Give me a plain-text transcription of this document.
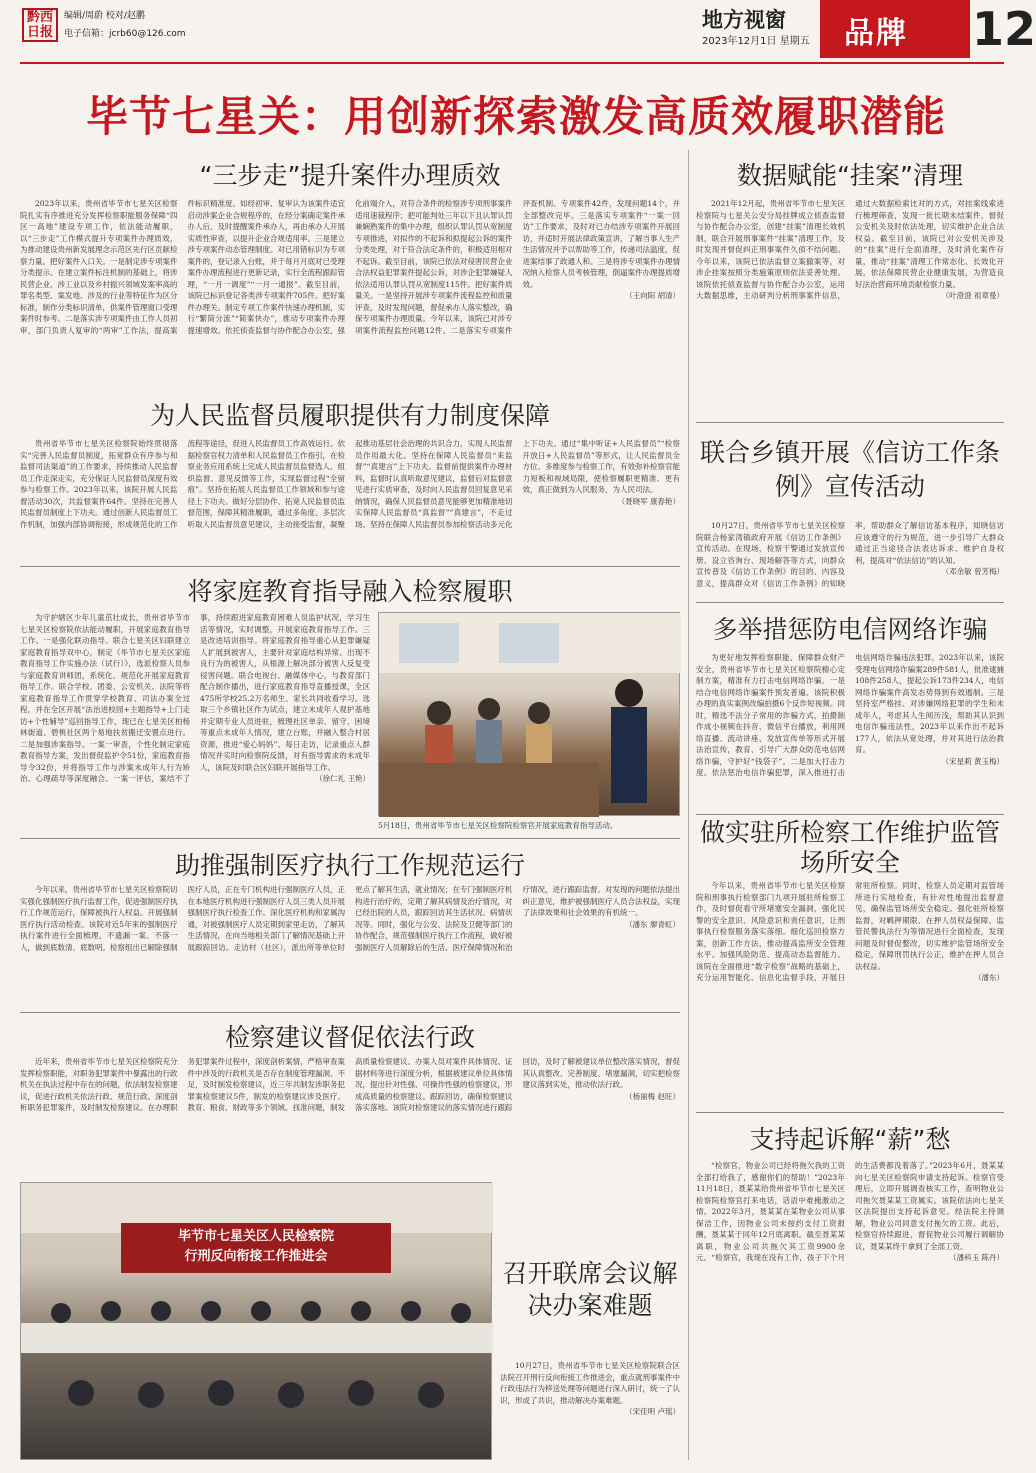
黔西日报
编辑/周蔚 校对/赵鹏
电子信箱：jcrb60@126.com
地方视窗
2023年12月1日 星期五 品牌 12
毕节七星关：用创新探索激发高质效履职潜能
“三步走”提升案件办理质效

2023年以来，贵州省毕节市七星关区检察院扎实有序推进充分发挥检察职能服务保障“四区一高地”建设专项工作，依法能动履职，以“三步走”工作模式提升专项案件办理质效，为推动建设贵州新发展理念示范区先行区贡献检察力量。把好案件入口关。一是制定涉专项案件分类提示。在建立案件标注机制的基础上，将涉民营企业、涉工业以及乡村振兴领域发案率高的罪名类型、案发地、涉及的行业等特征作为区分标准，制作分类标识清单，供案件管理窗口受理案件时参考。二是落实涉专项案件由工作人员初审，部门负责人复审的“两审”工作法，提高案件标识精准度。如经初审、复审认为该案件适宜启动涉案企业合规程序的，在经分案确定案件承办人后，及时提醒案件承办人，再由承办人开展实质性审查，以提升企业合规适用率。三是建立涉专项案件动态管理制度。对已用错标识为专项案件的，登记录入台账，并于每月月底对已受理案件办理流程进行更新记录，实行全流程跟踪管理，“一月一调度”“一月一通报”。截至目前，该院已标识登记各类涉专项案件705件。把好案件办理关。制定专项工作案件快速办理机制，实行“繁简分流”“简案快办”，推动专项案件办理提速增效。依托侦查监督与协作配合办公室，强化前端介入，对符合条件的检察涉专项刑事案件适用速裁程序；把可能判处三年以下且认罪认罚兼娴熟案件的集中办理，组织认罪认罚从宽制度专项推进，对拟作的不起诉和拟提起公诉的案件分类处理，对于符合法定条件的，积极适用相对不起诉。截至目前，该院已依法对侵害民营企业合法权益犯罪案件提起公诉，对涉企犯罪嫌疑人依法适用认罪认罚从宽制度115件。把好案件质量关。一是坚持开展涉专项案件流程监控和质量评查，及时发现问题，督促承办人落实整改，确保专项案件办理质量。今年以来，该院已对涉专项案件流程监控问题12件。二是落实专项案件评查机制。专项案件42件，发现问题14个，并全部整改完毕。三是落实专项案件“一案一回访”工作要求，及时对已办结涉专项案件开展回访，并适时开展法律政策宣讲，了解当事人生产生活情况并予以帮助等工作，传递司法温度，促进案结事了政通人和。三是将涉专项案件办理情况纳入检察人员考核管理，倒逼案件办理提质增效。

（王向阳 胡清）
数据赋能“挂案”清理

2021年12月起，贵州省毕节市七星关区检察院与七星关公安分局挂牌成立侦查监督与协作配合办公室，创建“挂案”清理长效机制，联合开展刑事案件“挂案”清理工作，及时发现并督促纠正刑事案件久侦不结问题。今年以来，该院已依法监督立案撤案等，对涉企挂案按照分类施策原则依法妥善处理。该院依托侦查监督与协作配合办公室，运用大数据思维，主动研判分析刑事案件信息，通过大数据检索比对的方式，对挂案线索进行梳理筛查，发现一批长期未结案件，督促公安机关及时依法处理，切实维护企业合法权益。截至目前，该院已对公安机关涉及的“挂案”进行全面清理，及时消化案件存量，推动“挂案”清理工作常态化、长效化开展，依法保障民营企业健康发展，为营造良好法治营商环境贡献检察力量。

（叶澄澄 祖章曼）
为人民监督员履职提供有力制度保障

贵州省毕节市七星关区检察院始终贯彻落实“完善人民监督员制度，拓宽群众有序参与和监督司法渠道”的工作要求，持续推动人民监督员工作走深走实，充分保证人民监督员深度有效参与检察工作。2023年以来，该院开展人民监督活动30次，共监督案件64件。坚持在完善人民监督员制度上下功夫。通过创新人民监督员工作机制，加强内部协调衔接，形成规范化的工作流程等途径，促进人民监督员工作高效运行。依据检察官权力清单和人民监督员工作指引，在检察业务应用系统上完成人民监督员监督选人、组织监督、意见反馈等工作，实现监督过程“全留痕”。坚持在拓展人民监督员工作领域和参与途径上下功夫。做好分层协作、拓宽人民监督员监督范围，保障其精准履职，通过多角度、多层次听取人民监督员意见建议，主动接受监督，凝聚起推动基层社会治理的共识合力，实现人民监督员作用最大化。坚持在保障人民监督员“来监督”“真建言”上下功夫。监督前提供案件办理材料，监督时认真听取意见建议，监督后对监督意见进行实质审查，及时向人民监督员回复意见采纳情况，确保人民监督员意见能够更加精准地切实保障人民监督员“真监督”“真建言”，不走过场。坚持在保障人民监督员参加检察活动多元化上下功夫。通过“集中听证+人民监督员”“检察开放日+人民监督员”等形式，让人民监督员全方位、多维度参与检察工作，有效弥补检察官能力短板和视域局限，使检察履职更精准、更有效，真正做到为人民服务，为人民司法。

（聂晓军 康春艳）
联合乡镇开展《信访工作条例》宣传活动

10月27日，贵州省毕节市七星关区检察院联合杨家湾镇政府开展《信访工作条例》宣传活动。在现场，检察干警通过发放宣传册、设立咨询台、现场解答等方式，向群众宣传普及《信访工作条例》的目的、内容及意义，提高群众对《信访工作条例》的知晓率，帮助群众了解信访基本程序，知晓信访应该遵守的行为规范，进一步引导广大群众通过正当途径合法表达诉求、维护自身权利，提高对“依法信访”的认知。

（邓余敏 曾芳梅）
将家庭教育指导融入检察履职

为守护辖区少年儿童茁壮成长，贵州省毕节市七星关区检察院依法能动履职，开展家庭教育指导工作。一是强化联动指导。联合七星关区妇联建立家庭教育指导双中心，制定《毕节市七星关区家庭教育指导工作实施办法（试行）》，选派检察人员参与家庭教育讲师团，系统化、规范化开展家庭教育指导工作。联合学校、团委、公安机关、法院等将家庭教育指导工作贯穿学校教育、司法办案全过程，并在全区开展“法治进校园+主题指导+上门走访+个性辅导”巡回指导工作，现已在七星关区柏杨林街道、碧桃社区两个易地扶贫搬迁安置点进行。二是加强涉案指导。一案一审查，个性化制定家庭教育指导方案，发出督促监护令51份，家庭教育指导令32份，并将指导工作与涉案未成年人行为矫治、心理疏导等深度融合。一案一评估，案结不了事，持续跟进家庭教育困难人员监护状况，学习生活等情况，实时调整，开展家庭教育指导工作。三是改进培训指导。将家庭教育指导重心从犯罪嫌疑人扩展到被害人，主要针对家庭结构异常、出现不良行为的被害人，从根源上解决部分被害人反复受侵害问题。联合电视台、融媒体中心，与教育部门配合制作播出，进行家庭教育指导直播授课，全区475所学校25.2万名师生、家长共同收看学习。选取三个乡镇社区作为试点，建立未成年人观护基地并定期专业人员进驻，梳理社区单亲、留守、困境等重点未成年人情况，建立台账，并融入整合村居资源，推进“爱心妈妈”、每日走访，记录重点人群情况并实时向检察院反馈，对有指导需求的未成年人，该院及时联合区妇联开展指导工作。

（徐仁礼 王艳）
5月18日，贵州省毕节市七星关区检察院检察官开展家庭教育指导活动。
多举措惩防电信网络诈骗

为更好地发挥检察职能、保障群众财产安全，贵州省毕节市七星关区检察院精心定制方案，精准有力打击电信网络诈骗。一是结合电信网络诈骗案件预发普遍、该院积极办理的真实案例改编拍摄6个反诈短视频。同时，精选不法分子常用的诈骗方式，拍摄制作成小视频在抖音、微信平台播放，利用网络直播、流动讲座、发放宣传单等形式开展法治宣传，教育、引导广大群众防范电信网络诈骗，守护好“钱袋子”。二是加大打击力度。依法惩治电信诈骗犯罪，深入推进打击电信网络诈骗违法犯罪。2023年以来，该院受理电信网络诈骗案289件581人，批准逮捕108件258人，提起公诉173件234人，电信网络诈骗案件高发态势得到有效遏制。三是坚持室严格挂、对涉嫌网络犯罪的学生和未成年人，考虑其人生阅历浅，帮助其认识到电信诈骗违法性，2023年以来作出不起诉177人，依法从宽处理，并对其进行法治教育。

（宋星莉 黄玉梅）
助推强制医疗执行工作规范运行

今年以来，贵州省毕节市七星关区检察院切实强化强制医疗执行监督工作，促进强制医疗执行工作规范运行，保障被执行人权益。开展强制医疗执行活动检查。该院对近5年来的强制医疗执行案件进行全面梳理，不遗漏一案、不落一人，做到底数清、底数明。检察组出已解除强制医疗人员，正在专门机构进行强制医疗人员，正在本地医疗机构进行强制医疗人员三类人员开展强制医疗执行检查工作。深化医疗机构和家属沟通，对被强制医疗人员定期到家里走访，了解其生活情况，在向当地相关部门了解情况基础上开展跟踪回访。走访村（社区），派出所等单位时更点了解其生活，就业情况；在专门强制医疗机构进行治疗的，定期了解其病情及治疗情况，对已经出院的人员，跟踪回访其生活状况、病情状况等。同时，强化与公安、法院及卫健等部门的协作配合，规范强制医疗执行工作流程，做好被强制医疗人员解除后的生活、医疗保障情况和治疗情况，进行跟踪监督。对发现的问题依法提出纠正意见，维护被强制医疗人员合法权益，实现了法律效果和社会效果的有机统一。

（潘东 廖青虹）
做实驻所检察工作维护监管场所安全

今年以来，贵州省毕节市七星关区检察院和刑事执行检察部门九项开展驻所检察工作，及时督促看守所堵塞安全漏洞，强化民警的安全意识、风险意识和责任意识，让刑事执行检察服务落实落细。细化巡回检察方案，创新工作方法，推动提高监所安全管理水平。加强风险防范、提高动态监督能力。该院在全面推进“数字检察”战略的基础上，充分运用智能化、信息化监督手段，开展日常驻所检察。同时，检察人员定期对监管场所进行实地检查，有针对性地提出监督意见，确保监管场所安全稳定。强化驻所检察监督，对羁押期限、在押人员权益保障、监管民警执法行为等情况进行全面检查，发现问题及时督促整改，切实维护监管场所安全稳定，保障刑罚执行公正，维护在押人员合法权益。

（潘东）
检察建议督促依法行政

近年来，贵州省毕节市七星关区检察院充分发挥检察职能，对职务犯罪案件中暴露出的行政机关在执法过程中存在的问题，依法制发检察建议，促进行政机关依法行政、规范行政。深度剖析职务犯罪案件，及时制发检察建议。在办理职务犯罪案件过程中，深度剖析案情，严格审查案件中涉及的行政机关是否存在制度管理漏洞、不足，及时制发检察建议，近三年共制发涉职务犯罪案检察建议5件，制发的检察建议涉及医疗、教育、粮食、财政等多个领域。找准问题，制发高质量检察建议。办案人员对案件具体情况、证据材料等进行深度分析，根据被建议单位具体情况，提出针对性强、可操作性强的检察建议，形成高质量的检察建议。跟踪回访，确保检察建议落实落地。该院对检察建议的落实情况进行跟踪回访，及时了解被建议单位整改落实情况，督促其认真整改、完善制度、堵塞漏洞，切实把检察建议落到实处，推动依法行政。

（杨丽梅 赵旺）
毕节市七星关区人民检察院
行刑反向衔接工作推进会
召开联席会议解决办案难题

10月27日，贵州省毕节市七星关区检察院联合区法院召开刑行反向衔接工作推进会，重点就刑事案件中行政违法行为移送处理等问题进行深入研讨，统一了认识，形成了共识，推动解决办案难题。

（宋佳明 卢瑶）
支持起诉解“薪”愁

“检察官，物业公司已经将拖欠我的工资全部打给我了，感谢你们的帮助！”2023年11月18日，聂某某给贵州省毕节市七星关区检察院检察官打来电话，话语中难掩激动之情。2022年3月，聂某某在某物业公司从事保洁工作，因物业公司未按约支付工资报酬，聂某某于同年12月底离职。截至聂某某离职，物业公司共拖欠其工资9900余元。“检察官，我现在没有工作，孩子下个月的生活费都没着落了。”2023年6月，聂某某向七星关区检察院申请支持起诉。检察官受理后，立即开展调查核实工作，查明物业公司拖欠聂某某工资属实。该院依法向七星关区法院提出支持起诉意见。经法院主持调解，物业公司同意支付拖欠的工资。此后，检察官持续跟进，督促物业公司履行调解协议，聂某某终于拿到了全部工资。

（潘科玉 陈丹）
